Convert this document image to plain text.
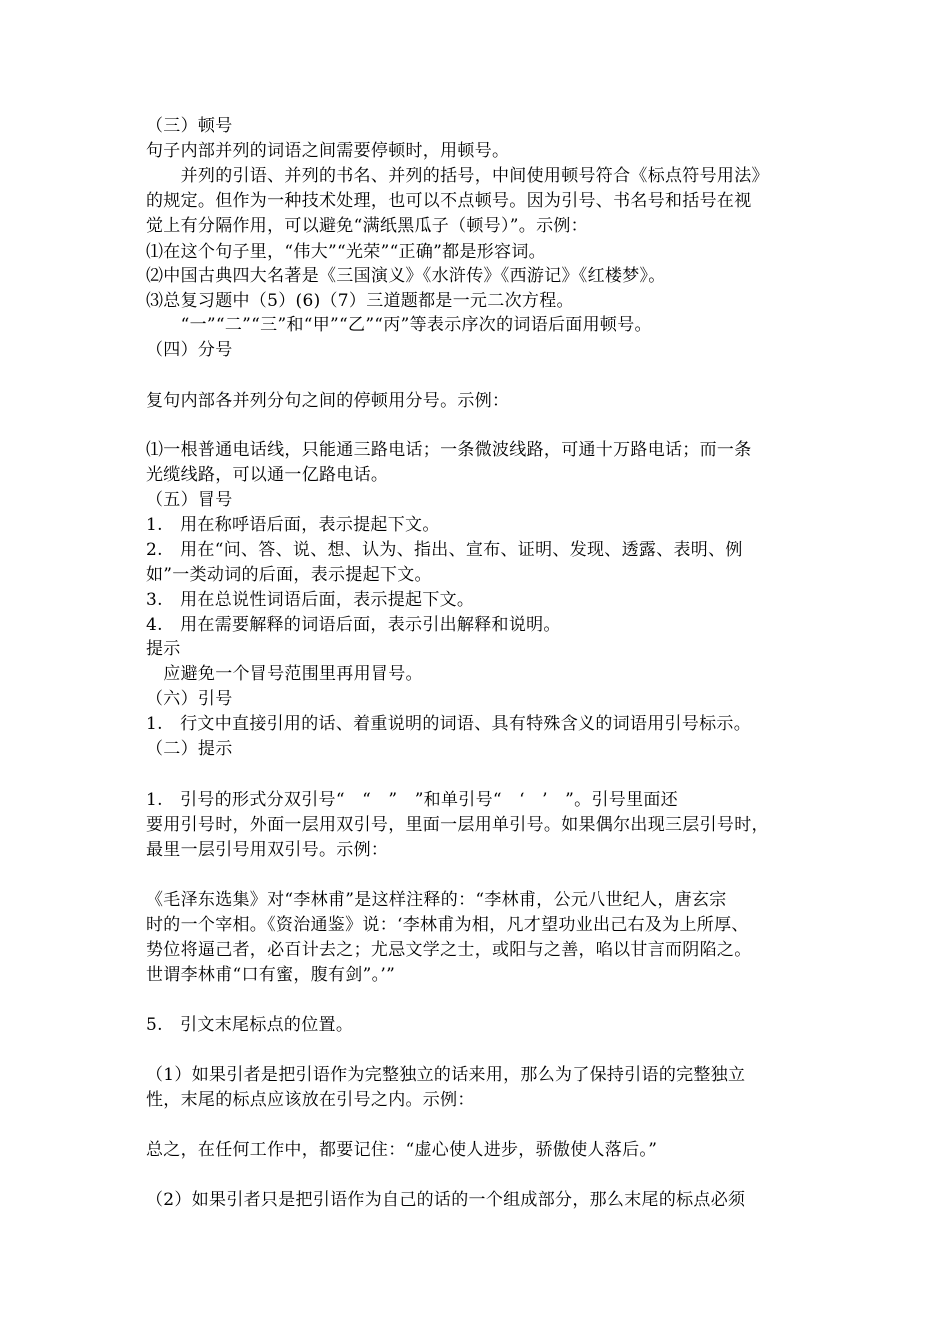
（三）顿号
句子内部并列的词语之间需要停顿时，用顿号。
　　并列的引语、并列的书名、并列的括号，中间使用顿号符合《标点符号用法》
的规定。但作为一种技术处理，也可以不点顿号。因为引号、书名号和括号在视
觉上有分隔作用，可以避免“满纸黑瓜子（顿号）”。示例：
⑴在这个句子里，“伟大”“光荣”“正确”都是形容词。
⑵中国古典四大名著是《三国演义》《水浒传》《西游记》《红楼梦》。
⑶总复习题中（5）(6)（7）三道题都是一元二次方程。
　　“一”“二”“三”和“甲”“乙”“丙”等表示序次的词语后面用顿号。
（四）分号
复句内部各并列分句之间的停顿用分号。示例：
⑴一根普通电话线，只能通三路电话；一条微波线路，可通十万路电话；而一条
光缆线路，可以通一亿路电话。
（五）冒号
1.　用在称呼语后面，表示提起下文。
2.　用在“问、答、说、想、认为、指出、宣布、证明、发现、透露、表明、例
如”一类动词的后面，表示提起下文。
3.　用在总说性词语后面，表示提起下文。
4.　用在需要解释的词语后面，表示引出解释和说明。
提示
　应避免一个冒号范围里再用冒号。
（六）引号
1.　行文中直接引用的话、着重说明的词语、具有特殊含义的词语用引号标示。
（二）提示
1.　引号的形式分双引号“　“　”　”和单引号“　‘　’　”。引号里面还
要用引号时，外面一层用双引号，里面一层用单引号。如果偶尔出现三层引号时，
最里一层引号用双引号。示例：
《毛泽东选集》对“李林甫”是这样注释的：“李林甫，公元八世纪人，唐玄宗
时的一个宰相。《资治通鉴》说：‘李林甫为相，凡才望功业出己右及为上所厚、
势位将逼己者，必百计去之；尤忌文学之士，或阳与之善，啗以甘言而阴陷之。
世谓李林甫“口有蜜，腹有剑”。’”
5.　引文末尾标点的位置。
（1）如果引者是把引语作为完整独立的话来用，那么为了保持引语的完整独立
性，末尾的标点应该放在引号之内。示例：
总之，在任何工作中，都要记住：“虚心使人进步，骄傲使人落后。”
（2）如果引者只是把引语作为自己的话的一个组成部分，那么末尾的标点必须
